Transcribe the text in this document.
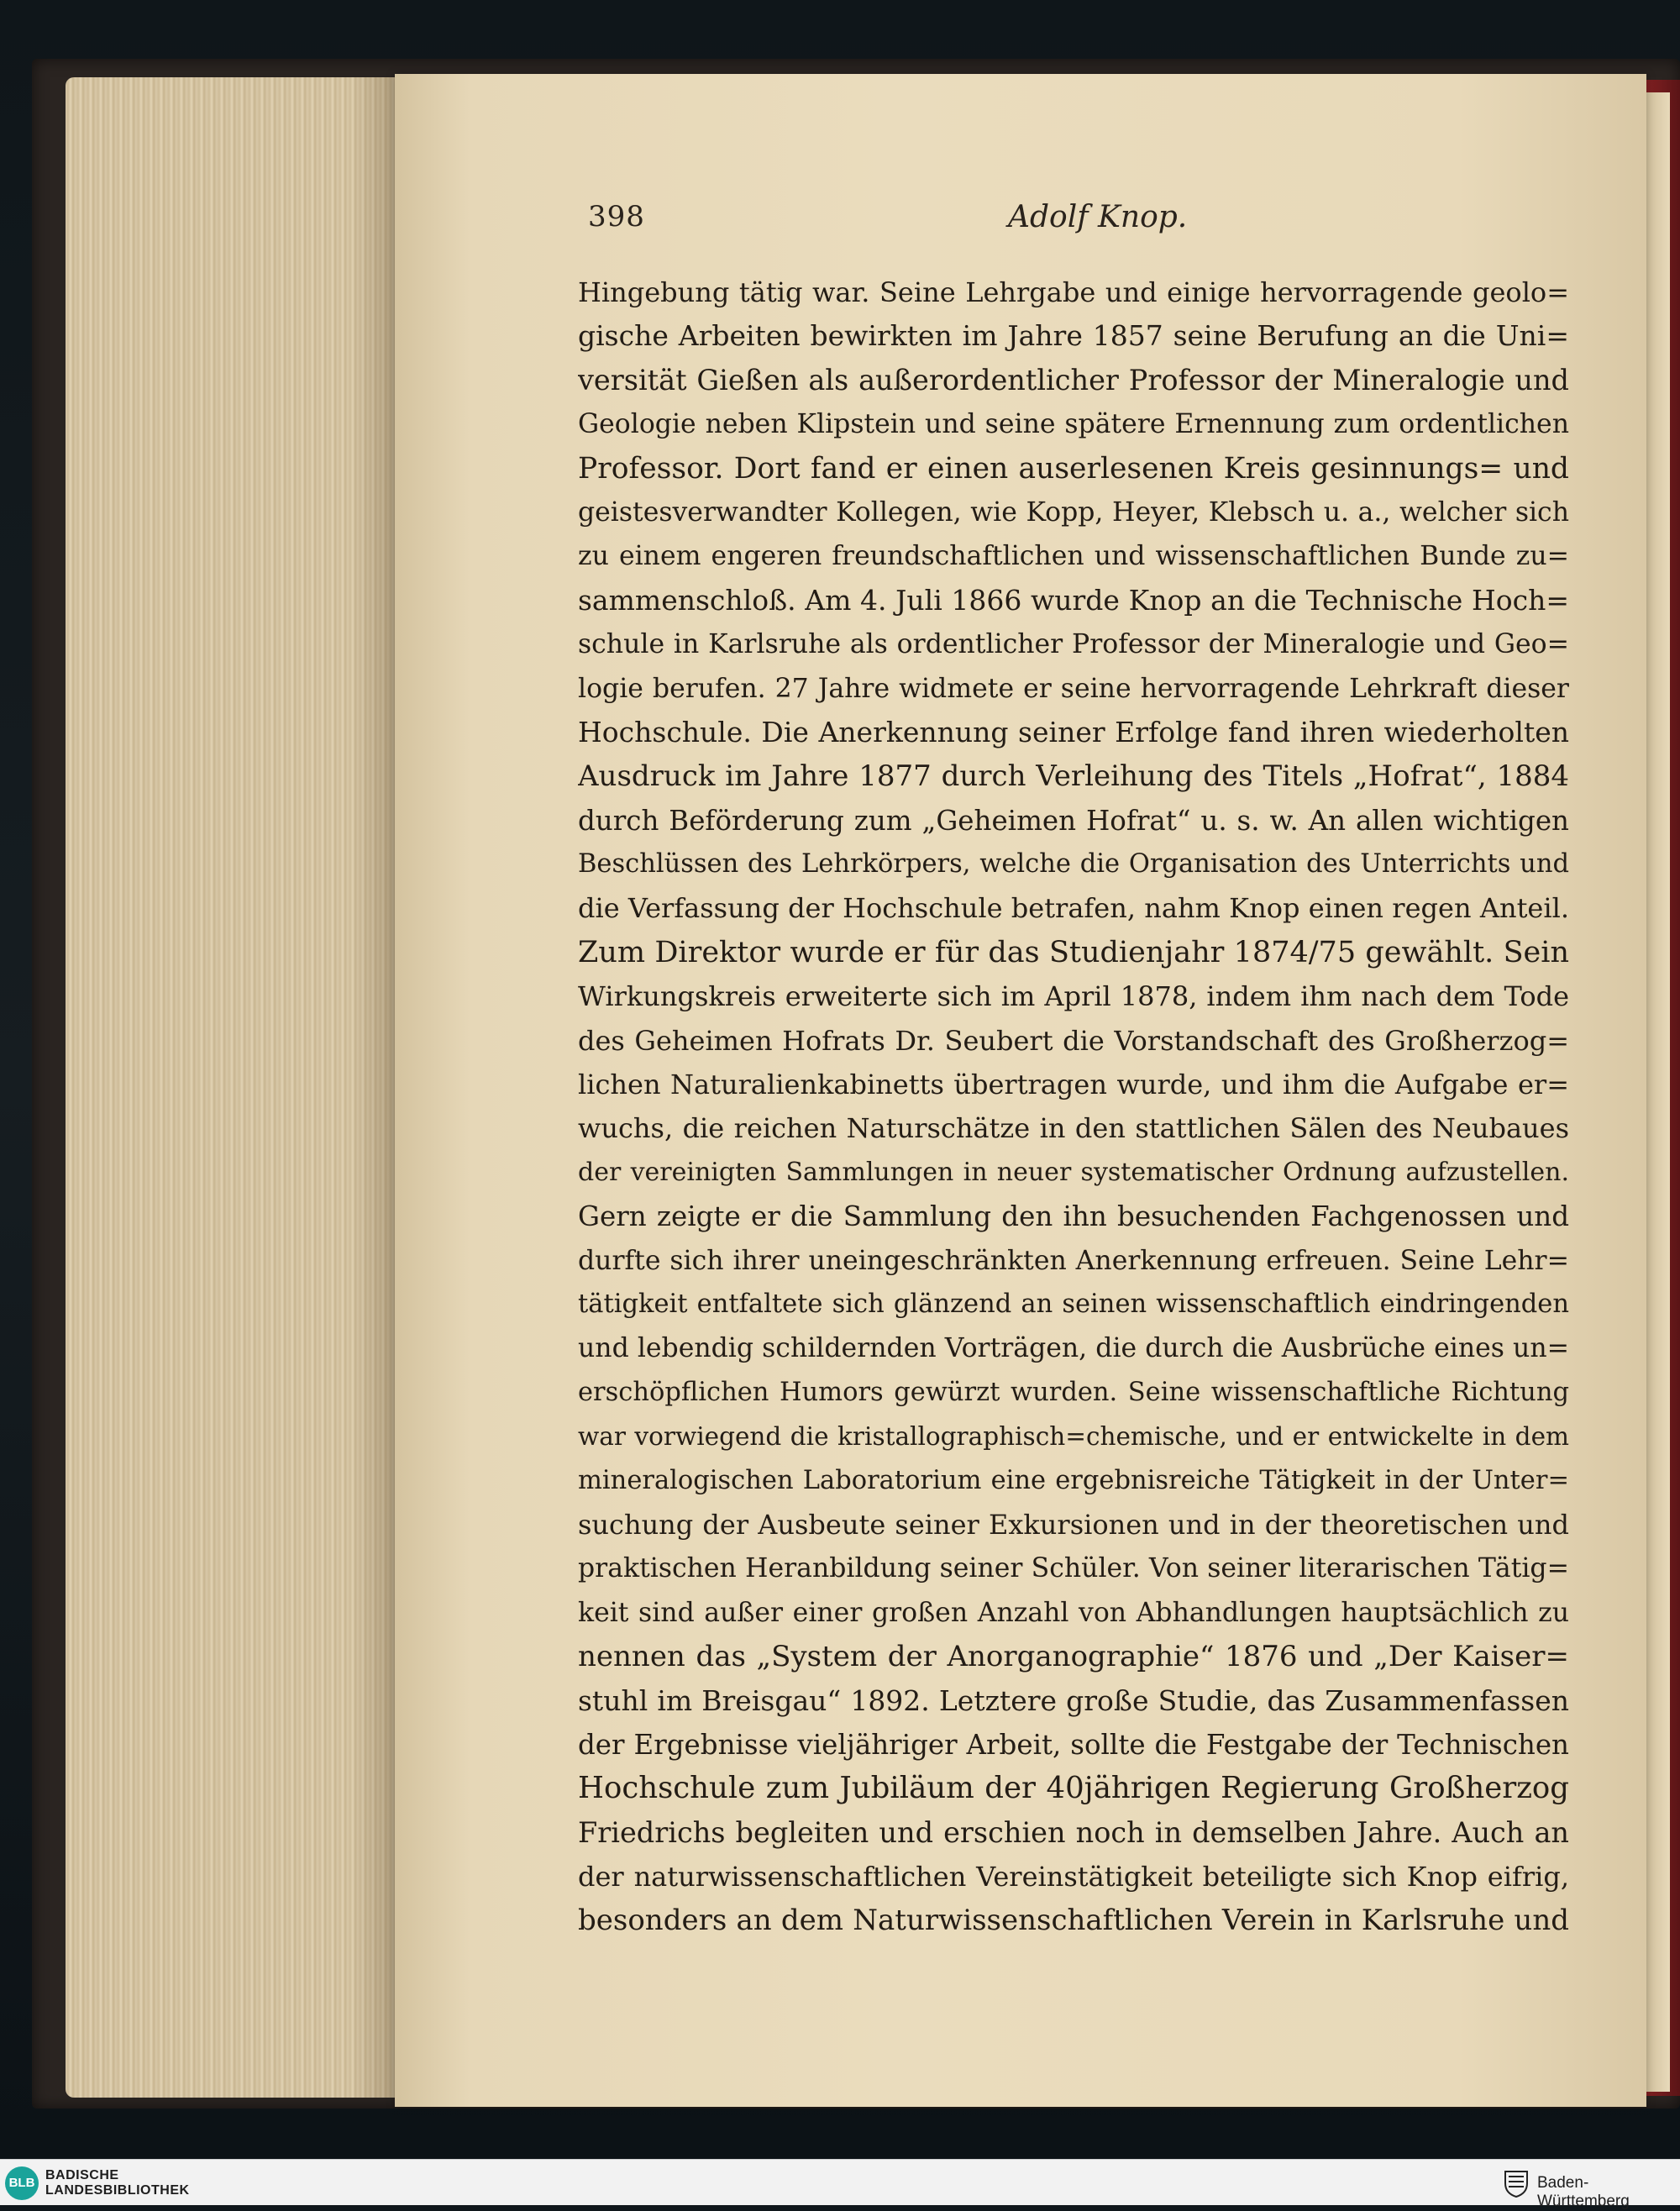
398	Adolf Knop.
Hingebung tätig war. Seine Lehrgabe und einige hervorragende geolo=
gische Arbeiten bewirkten im Jahre 1857 seine Berufung an die Uni=
versität Gießen als außerordentlicher Professor der Mineralogie und
Geologie neben Klipstein und seine spätere Ernennung zum ordentlichen
Professor. Dort fand er einen auserlesenen Kreis gesinnungs= und
geistesverwandter Kollegen, wie Kopp, Heyer, Klebsch u. a., welcher sich
zu einem engeren freundschaftlichen und wissenschaftlichen Bunde zu=
sammenschloß. Am 4. Juli 1866 wurde Knop an die Technische Hoch=
schule in Karlsruhe als ordentlicher Professor der Mineralogie und Geo=
logie berufen. 27 Jahre widmete er seine hervorragende Lehrkraft dieser
Hochschule. Die Anerkennung seiner Erfolge fand ihren wiederholten
Ausdruck im Jahre 1877 durch Verleihung des Titels „Hofrat“, 1884
durch Beförderung zum „Geheimen Hofrat“ u. s. w. An allen wichtigen
Beschlüssen des Lehrkörpers, welche die Organisation des Unterrichts und
die Verfassung der Hochschule betrafen, nahm Knop einen regen Anteil.
Zum Direktor wurde er für das Studienjahr 1874/75 gewählt. Sein
Wirkungskreis erweiterte sich im April 1878, indem ihm nach dem Tode
des Geheimen Hofrats Dr. Seubert die Vorstandschaft des Großherzog=
lichen Naturalienkabinetts übertragen wurde, und ihm die Aufgabe er=
wuchs, die reichen Naturschätze in den stattlichen Sälen des Neubaues
der vereinigten Sammlungen in neuer systematischer Ordnung aufzustellen.
Gern zeigte er die Sammlung den ihn besuchenden Fachgenossen und
durfte sich ihrer uneingeschränkten Anerkennung erfreuen. Seine Lehr=
tätigkeit entfaltete sich glänzend an seinen wissenschaftlich eindringenden
und lebendig schildernden Vorträgen, die durch die Ausbrüche eines un=
erschöpflichen Humors gewürzt wurden. Seine wissenschaftliche Richtung
war vorwiegend die kristallographisch=chemische, und er entwickelte in dem
mineralogischen Laboratorium eine ergebnisreiche Tätigkeit in der Unter=
suchung der Ausbeute seiner Exkursionen und in der theoretischen und
praktischen Heranbildung seiner Schüler. Von seiner literarischen Tätig=
keit sind außer einer großen Anzahl von Abhandlungen hauptsächlich zu
nennen das „System der Anorganographie“ 1876 und „Der Kaiser=
stuhl im Breisgau“ 1892. Letztere große Studie, das Zusammenfassen
der Ergebnisse vieljähriger Arbeit, sollte die Festgabe der Technischen
Hochschule zum Jubiläum der 40jährigen Regierung Großherzog
Friedrichs begleiten und erschien noch in demselben Jahre. Auch an
der naturwissenschaftlichen Vereinstätigkeit beteiligte sich Knop eifrig,
besonders an dem Naturwissenschaftlichen Verein in Karlsruhe und
BLB
BADISCHE
LANDESBIBLIOTHEK	Baden-Württemberg
